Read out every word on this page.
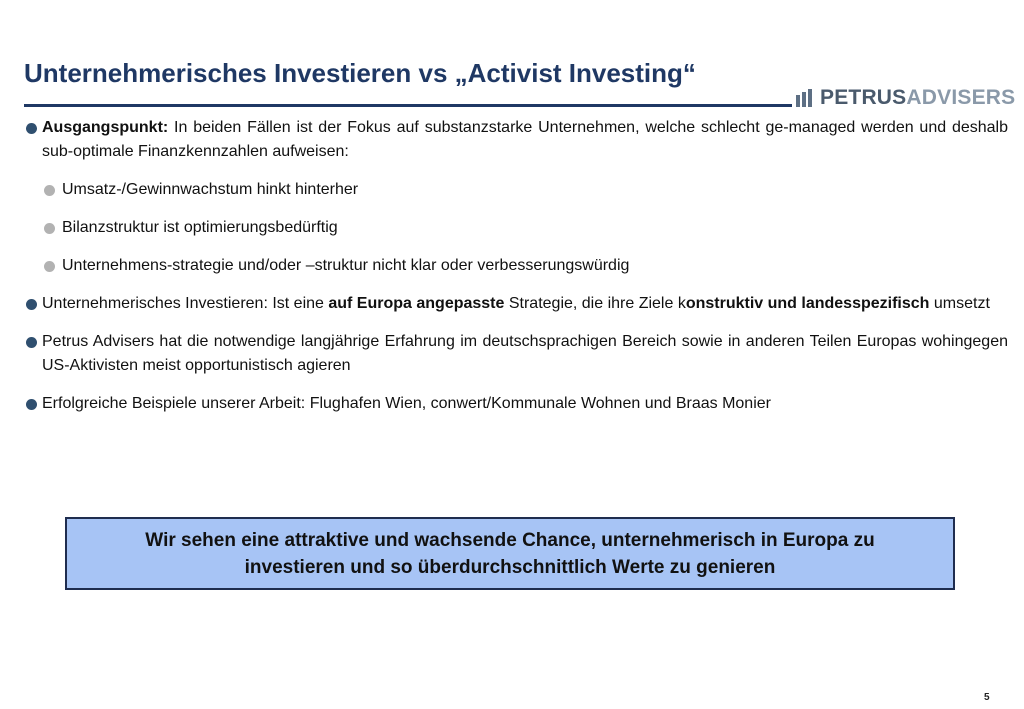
Unternehmerisches Investieren vs „Activist Investing“
PETRUSADVISERS
Ausgangspunkt: In beiden Fällen ist der Fokus auf substanzstarke Unternehmen, welche schlecht ge-managed werden und deshalb sub-optimale Finanzkennzahlen aufweisen:
Umsatz-/Gewinnwachstum hinkt hinterher
Bilanzstruktur ist optimierungsbedürftig
Unternehmens-strategie und/oder –struktur nicht klar oder verbesserungswürdig
Unternehmerisches Investieren: Ist eine auf Europa angepasste Strategie, die ihre Ziele konstruktiv und landesspezifisch umsetzt
Petrus Advisers hat die notwendige langjährige Erfahrung im deutschsprachigen Bereich sowie in anderen Teilen Europas wohingegen US-Aktivisten meist opportunistisch agieren
Erfolgreiche Beispiele unserer Arbeit: Flughafen Wien, conwert/Kommunale Wohnen und Braas Monier
Wir sehen eine attraktive und wachsende Chance, unternehmerisch in Europa zu investieren und so überdurchschnittlich Werte zu genieren
5
